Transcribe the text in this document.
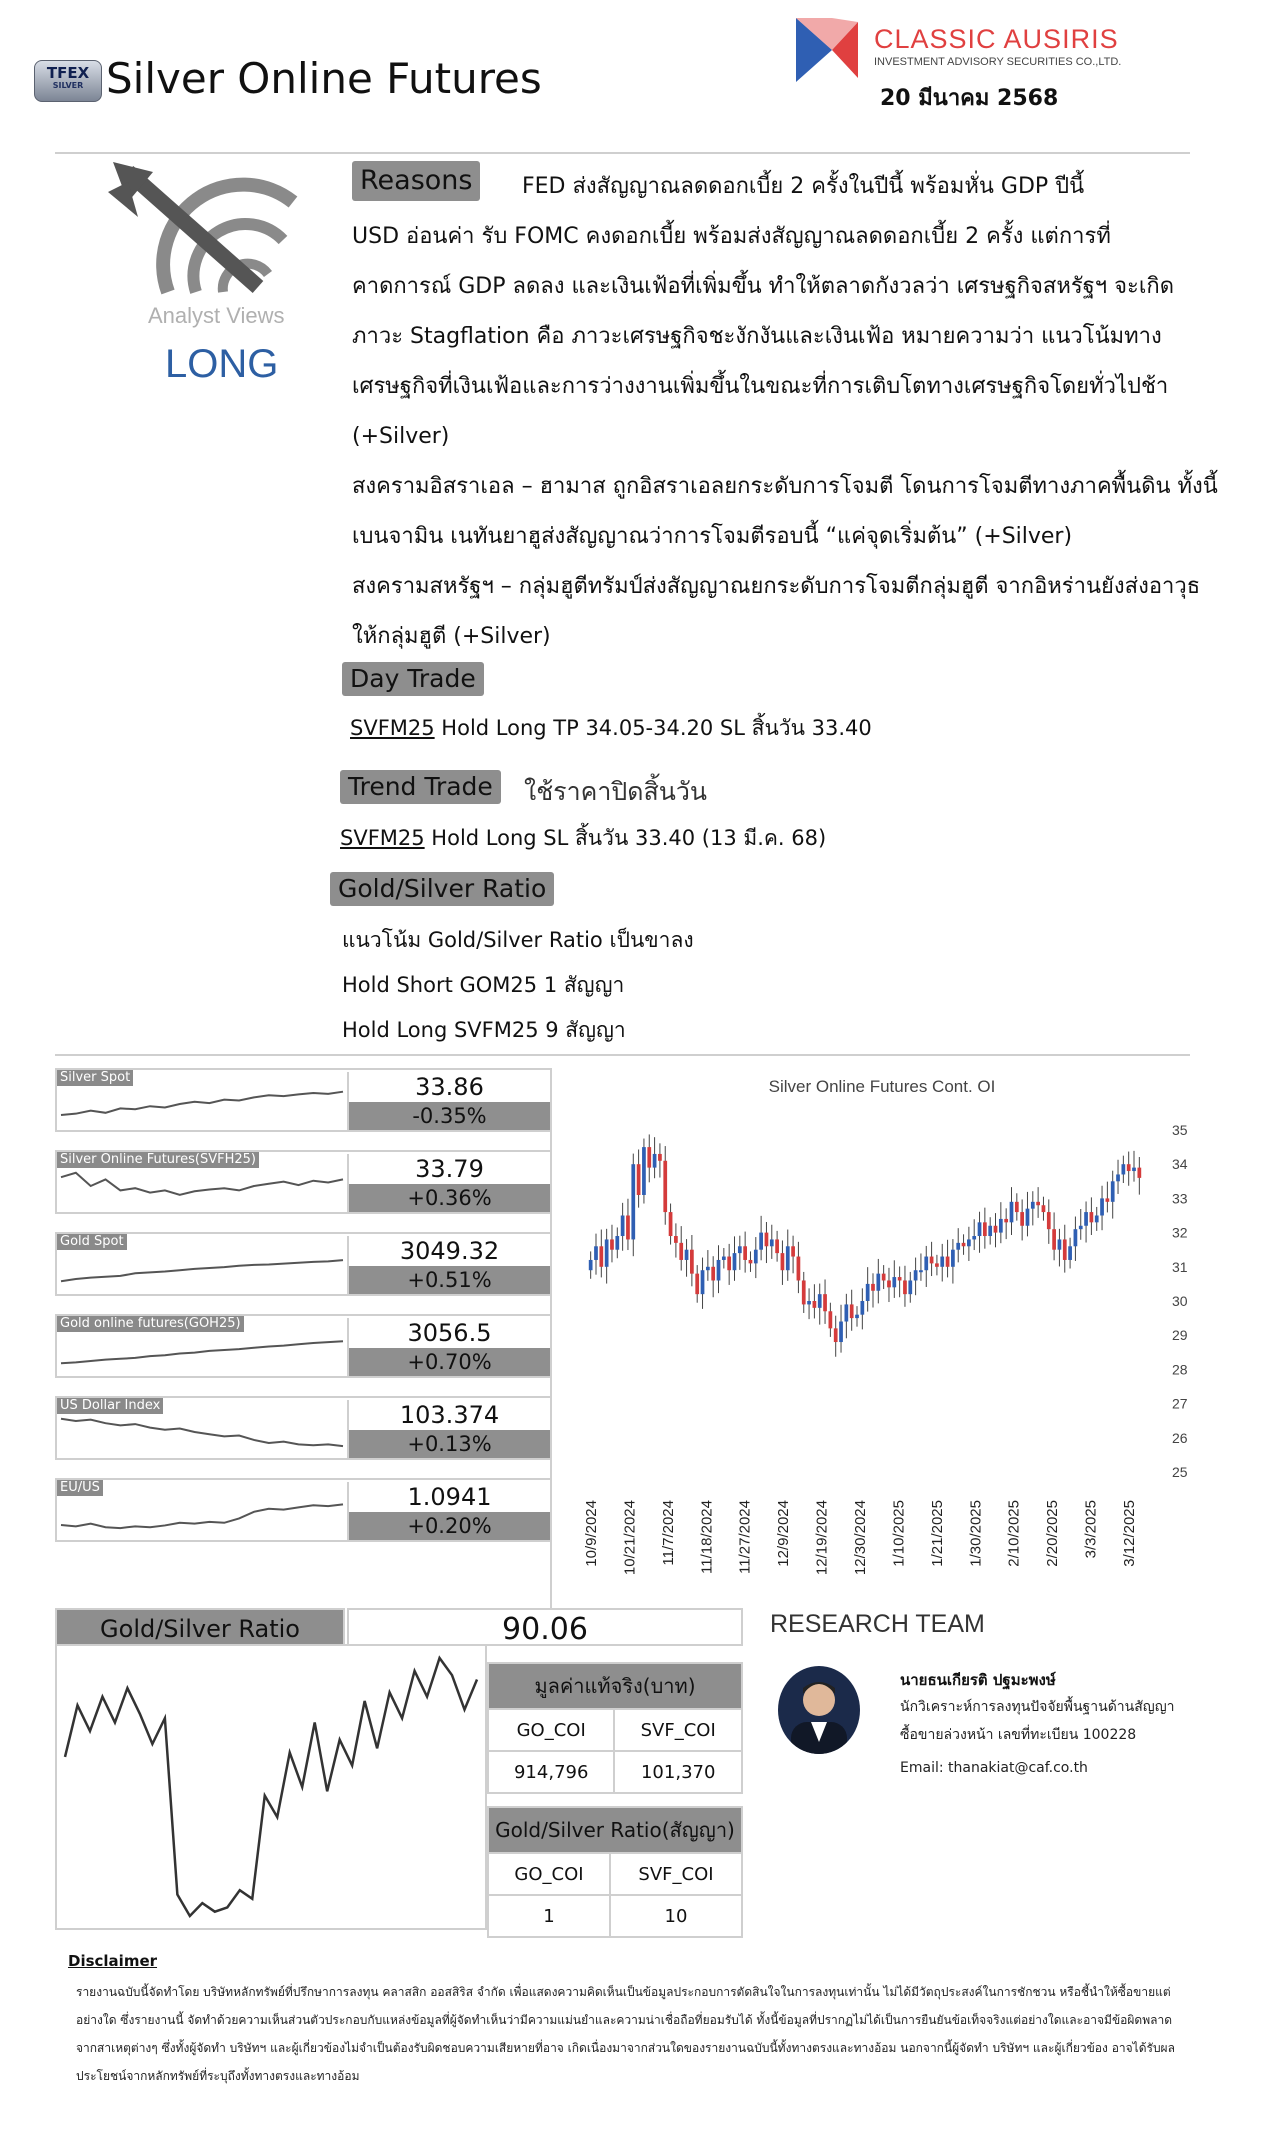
TFEX
SILVER Silver Online Futures
CLASSIC AUSIRIS
INVESTMENT ADVISORY SECURITIES CO.,LTD.
20 มีนาคม 2568
Analyst Views
LONG
Reasons	FED ส่งสัญญาณลดดอกเบี้ย 2 ครั้งในปีนี้ พร้อมหั่น GDP ปีนี้
USD อ่อนค่า รับ FOMC คงดอกเบี้ย พร้อมส่งสัญญาณลดดอกเบี้ย 2 ครั้ง แต่การที่
คาดการณ์ GDP ลดลง และเงินเฟ้อที่เพิ่มขึ้น ทำให้ตลาดกังวลว่า เศรษฐกิจสหรัฐฯ จะเกิด
ภาวะ Stagflation คือ ภาวะเศรษฐกิจชะงักงันและเงินเฟ้อ หมายความว่า แนวโน้มทาง
เศรษฐกิจที่เงินเฟ้อและการว่างงานเพิ่มขึ้นในขณะที่การเติบโตทางเศรษฐกิจโดยทั่วไปช้า
(+Silver)
สงครามอิสราเอล – ฮามาส ถูกอิสราเอลยกระดับการโจมตี โดนการโจมตีทางภาคพื้นดิน ทั้งนี้
เบนจามิน เนทันยาฮูส่งสัญญาณว่าการโจมตีรอบนี้ “แค่จุดเริ่มต้น” (+Silver)
สงครามสหรัฐฯ – กลุ่มฮูตีทรัมป์ส่งสัญญาณยกระดับการโจมตีกลุ่มฮูตี จากอิหร่านยังส่งอาวุธ
ให้กลุ่มฮูตี (+Silver)
Day Trade
SVFM25 Hold Long TP 34.05-34.20 SL สิ้นวัน 33.40
Trend Trade	ใช้ราคาปิดสิ้นวัน
SVFM25 Hold Long SL สิ้นวัน 33.40 (13 มี.ค. 68)
Gold/Silver Ratio
แนวโน้ม Gold/Silver Ratio เป็นขาลง
Hold Short GOM25 1 สัญญา
Hold Long SVFM25 9 สัญญา
Silver Spot	33.86
-0.35%
Silver Online Futures(SVFH25)	33.79
+0.36%
Gold Spot	3049.32
+0.51%
Gold online futures(GOH25)	3056.5
+0.70%
US Dollar Index	103.374
+0.13%
EU/US	1.0941
+0.20%
Silver Online Futures Cont. OI
35
34
33
32
31
30
29
28
27
26
25
10/9/2024 10/21/2024 11/7/2024 11/18/2024 11/27/2024 12/9/2024 12/19/2024 12/30/2024 1/10/2025 1/21/2025 1/30/2025 2/10/2025 2/20/2025 3/3/2025 3/12/2025
Gold/Silver Ratio	90.06	RESEARCH TEAM
มูลค่าแท้จริง(บาท)	
GO_COI	SVF_COI
914,796	101,370
Gold/Silver Ratio(สัญญา)	
GO_COI	SVF_COI
1	10
นายธนเกียรติ ปฐมะพงษ์
นักวิเคราะห์การลงทุนปัจจัยพื้นฐานด้านสัญญา
ซื้อขายล่วงหน้า เลขที่ทะเบียน 100228
Email: thanakiat@caf.co.th
Disclaimer
รายงานฉบับนี้จัดทำโดย บริษัทหลักทรัพย์ที่ปรึกษาการลงทุน คลาสสิก ออสสิริส จำกัด เพื่อแสดงความคิดเห็นเป็นข้อมูลประกอบการตัดสินใจในการลงทุนเท่านั้น ไม่ได้มีวัตถุประสงค์ในการชักชวน หรือชี้นำให้ซื้อขายแต่อย่างใด ซึ่งรายงานนี้ จัดทำด้วยความเห็นส่วนตัวประกอบกับแหล่งข้อมูลที่ผู้จัดทำเห็นว่ามีความแม่นยำและความน่าเชื่อถือที่ยอมรับได้ ทั้งนี้ข้อมูลที่ปรากฏไม่ได้เป็นการยืนยันข้อเท็จจริงแต่อย่างใดและอาจมีข้อผิดพลาดจากสาเหตุต่างๆ ซึ่งทั้งผู้จัดทำ บริษัทฯ และผู้เกี่ยวข้องไม่จำเป็นต้องรับผิดชอบความเสียหายที่อาจ เกิดเนื่องมาจากส่วนใดของรายงานฉบับนี้ทั้งทางตรงและทางอ้อม นอกจากนี้ผู้จัดทำ บริษัทฯ และผู้เกี่ยวข้อง อาจได้รับผลประโยชน์จากหลักทรัพย์ที่ระบุถึงทั้งทางตรงและทางอ้อม
